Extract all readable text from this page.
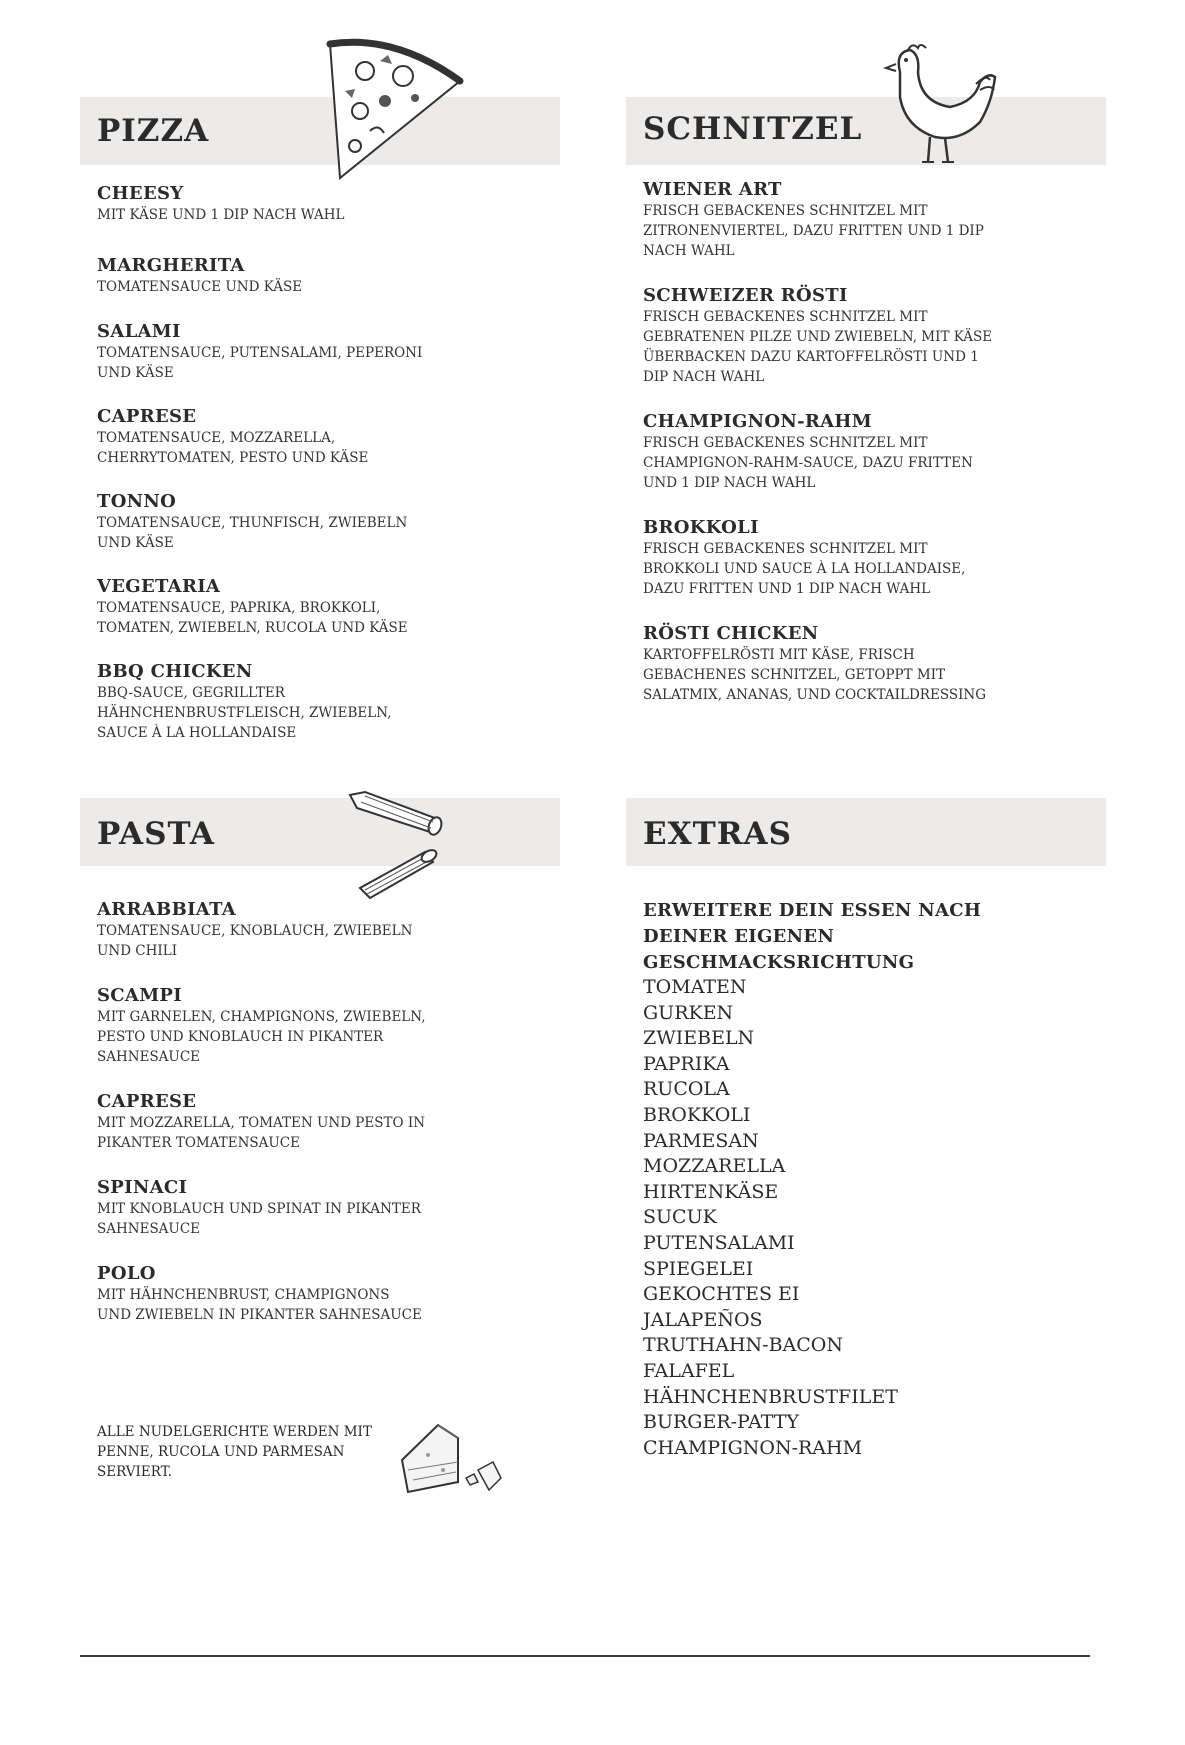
PIZZA
CHEESY
MIT KÄSE UND 1 DIP NACH WAHL
MARGHERITA
TOMATENSAUCE UND KÄSE
SALAMI
TOMATENSAUCE, PUTENSALAMI, PEPERONI UND KÄSE
CAPRESE
TOMATENSAUCE, MOZZARELLA, CHERRYTOMATEN, PESTO UND KÄSE
TONNO
TOMATENSAUCE, THUNFISCH, ZWIEBELN UND KÄSE
VEGETARIA
TOMATENSAUCE, PAPRIKA, BROKKOLI, TOMATEN, ZWIEBELN, RUCOLA UND KÄSE
BBQ CHICKEN
BBQ-SAUCE, GEGRILLTER HÄHNCHENBRUSTFLEISCH, ZWIEBELN, SAUCE À LA HOLLANDAISE
SCHNITZEL
WIENER ART
FRISCH GEBACKENES SCHNITZEL MIT ZITRONENVIERTEL, DAZU FRITTEN UND 1 DIP NACH WAHL
SCHWEIZER RÖSTI
FRISCH GEBACKENES SCHNITZEL MIT GEBRATENEN PILZE UND ZWIEBELN, MIT KÄSE ÜBERBACKEN DAZU KARTOFFELRÖSTI UND 1 DIP NACH WAHL
CHAMPIGNON-RAHM
FRISCH GEBACKENES SCHNITZEL MIT CHAMPIGNON-RAHM-SAUCE, DAZU FRITTEN UND 1 DIP NACH WAHL
BROKKOLI
FRISCH GEBACKENES SCHNITZEL MIT BROKKOLI UND SAUCE À LA HOLLANDAISE, DAZU FRITTEN UND 1 DIP NACH WAHL
RÖSTI CHICKEN
KARTOFFELRÖSTI MIT KÄSE, FRISCH GEBACHENES SCHNITZEL, GETOPPT MIT SALATMIX, ANANAS, UND COCKTAILDRESSING
PASTA
ARRABBIATA
TOMATENSAUCE, KNOBLAUCH, ZWIEBELN UND CHILI
SCAMPI
MIT GARNELEN, CHAMPIGNONS, ZWIEBELN, PESTO UND KNOBLAUCH IN PIKANTER SAHNESAUCE
CAPRESE
MIT MOZZARELLA, TOMATEN UND PESTO IN PIKANTER TOMATENSAUCE
SPINACI
MIT KNOBLAUCH UND SPINAT IN PIKANTER SAHNESAUCE
POLO
MIT HÄHNCHENBRUST, CHAMPIGNONS UND ZWIEBELN IN PIKANTER SAHNESAUCE
ALLE NUDELGERICHTE WERDEN MIT PENNE, RUCOLA UND PARMESAN SERVIERT.
EXTRAS
ERWEITERE DEIN ESSEN NACH DEINER EIGENEN GESCHMACKSRICHTUNG
TOMATEN
GURKEN
ZWIEBELN
PAPRIKA
RUCOLA
BROKKOLI
PARMESAN
MOZZARELLA
HIRTENKÄSE
SUCUK
PUTENSALAMI
SPIEGELEI
GEKOCHTES EI
JALAPEÑOS
TRUTHAHN-BACON
FALAFEL
HÄHNCHENBRUSTFILET
BURGER-PATTY
CHAMPIGNON-RAHM
